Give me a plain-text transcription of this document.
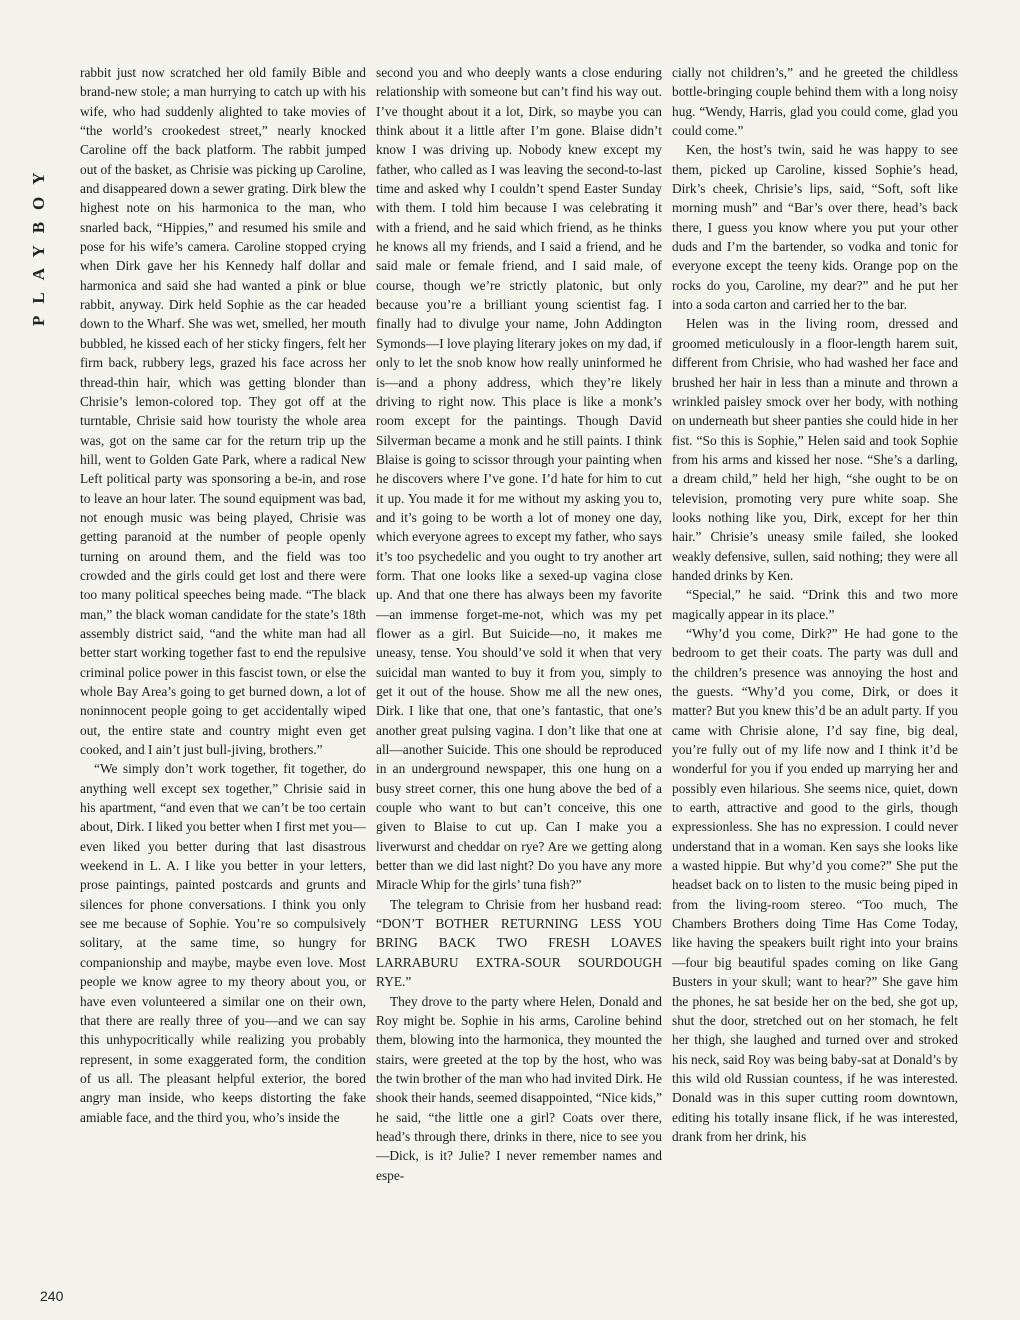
PLAYBOY

rabbit just now scratched her old family Bible and brand-new stole; a man hurrying to catch up with his wife, who had suddenly alighted to take movies of “the world’s crookedest street,” nearly knocked Caroline off the back platform. The rabbit jumped out of the basket, as Chrisie was picking up Caroline, and disappeared down a sewer grating. Dirk blew the highest note on his harmonica to the man, who snarled back, “Hippies,” and resumed his smile and pose for his wife’s camera. Caroline stopped crying when Dirk gave her his Kennedy half dollar and harmonica and said she had wanted a pink or blue rabbit, anyway. Dirk held Sophie as the car headed down to the Wharf. She was wet, smelled, her mouth bubbled, he kissed each of her sticky fingers, felt her firm back, rubbery legs, grazed his face across her thread-thin hair, which was getting blonder than Chrisie’s lemon-colored top. They got off at the turntable, Chrisie said how touristy the whole area was, got on the same car for the return trip up the hill, went to Golden Gate Park, where a radical New Left political party was sponsoring a be-in, and rose to leave an hour later. The sound equipment was bad, not enough music was being played, Chrisie was getting paranoid at the number of people openly turning on around them, and the field was too crowded and the girls could get lost and there were too many political speeches being made. “The black man,” the black woman candidate for the state’s 18th assembly district said, “and the white man had all better start working together fast to end the repulsive criminal police power in this fascist town, or else the whole Bay Area’s going to get burned down, a lot of noninnocent people going to get accidentally wiped out, the entire state and country might even get cooked, and I ain’t just bull-jiving, brothers.”

“We simply don’t work together, fit together, do anything well except sex together,” Chrisie said in his apartment, “and even that we can’t be too certain about, Dirk. I liked you better when I first met you—even liked you better during that last disastrous weekend in L. A. I like you better in your letters, prose paintings, painted postcards and grunts and silences for phone conversations. I think you only see me because of Sophie. You’re so compulsively solitary, at the same time, so hungry for companionship and maybe, maybe even love. Most people we know agree to my theory about you, or have even volunteered a similar one on their own, that there are really three of you—and we can say this unhypocritically while realizing you probably represent, in some exaggerated form, the condition of us all. The pleasant helpful exterior, the bored angry man inside, who keeps distorting the fake amiable face, and the third you, who’s inside the

second you and who deeply wants a close enduring relationship with someone but can’t find his way out. I’ve thought about it a lot, Dirk, so maybe you can think about it a little after I’m gone. Blaise didn’t know I was driving up. Nobody knew except my father, who called as I was leaving the second-to-last time and asked why I couldn’t spend Easter Sunday with them. I told him because I was celebrating it with a friend, and he said which friend, as he thinks he knows all my friends, and I said a friend, and he said male or female friend, and I said male, of course, though we’re strictly platonic, but only because you’re a brilliant young scientist fag. I finally had to divulge your name, John Addington Symonds—I love playing literary jokes on my dad, if only to let the snob know how really uninformed he is—and a phony address, which they’re likely driving to right now. This place is like a monk’s room except for the paintings. Though David Silverman became a monk and he still paints. I think Blaise is going to scissor through your painting when he discovers where I’ve gone. I’d hate for him to cut it up. You made it for me without my asking you to, and it’s going to be worth a lot of money one day, which everyone agrees to except my father, who says it’s too psychedelic and you ought to try another art form. That one looks like a sexed-up vagina close up. And that one there has always been my favorite—an immense forget-me-not, which was my pet flower as a girl. But Suicide—no, it makes me uneasy, tense. You should’ve sold it when that very suicidal man wanted to buy it from you, simply to get it out of the house. Show me all the new ones, Dirk. I like that one, that one’s fantastic, that one’s another great pulsing vagina. I don’t like that one at all—another Suicide. This one should be reproduced in an underground newspaper, this one hung on a busy street corner, this one hung above the bed of a couple who want to but can’t conceive, this one given to Blaise to cut up. Can I make you a liverwurst and cheddar on rye? Are we getting along better than we did last night? Do you have any more Miracle Whip for the girls’ tuna fish?”

The telegram to Chrisie from her husband read: “DON’T BOTHER RETURNING LESS YOU BRING BACK TWO FRESH LOAVES LARRABURU EXTRA-SOUR SOURDOUGH RYE.”

They drove to the party where Helen, Donald and Roy might be. Sophie in his arms, Caroline behind them, blowing into the harmonica, they mounted the stairs, were greeted at the top by the host, who was the twin brother of the man who had invited Dirk. He shook their hands, seemed disappointed, “Nice kids,” he said, “the little one a girl? Coats over there, head’s through there, drinks in there, nice to see you—Dick, is it? Julie? I never remember names and espe-

cially not children’s,” and he greeted the childless bottle-bringing couple behind them with a long noisy hug. “Wendy, Harris, glad you could come, glad you could come.”

Ken, the host’s twin, said he was happy to see them, picked up Caroline, kissed Sophie’s head, Dirk’s cheek, Chrisie’s lips, said, “Soft, soft like morning mush” and “Bar’s over there, head’s back there, I guess you know where you put your other duds and I’m the bartender, so vodka and tonic for everyone except the teeny kids. Orange pop on the rocks do you, Caroline, my dear?” and he put her into a soda carton and carried her to the bar.

Helen was in the living room, dressed and groomed meticulously in a floor-length harem suit, different from Chrisie, who had washed her face and brushed her hair in less than a minute and thrown a wrinkled paisley smock over her body, with nothing on underneath but sheer panties she could hide in her fist. “So this is Sophie,” Helen said and took Sophie from his arms and kissed her nose. “She’s a darling, a dream child,” held her high, “she ought to be on television, promoting very pure white soap. She looks nothing like you, Dirk, except for her thin hair.” Chrisie’s uneasy smile failed, she looked weakly defensive, sullen, said nothing; they were all handed drinks by Ken.

“Special,” he said. “Drink this and two more magically appear in its place.”

“Why’d you come, Dirk?” He had gone to the bedroom to get their coats. The party was dull and the children’s presence was annoying the host and the guests. “Why’d you come, Dirk, or does it matter? But you knew this’d be an adult party. If you came with Chrisie alone, I’d say fine, big deal, you’re fully out of my life now and I think it’d be wonderful for you if you ended up marrying her and possibly even hilarious. She seems nice, quiet, down to earth, attractive and good to the girls, though expressionless. She has no expression. I could never understand that in a woman. Ken says she looks like a wasted hippie. But why’d you come?” She put the headset back on to listen to the music being piped in from the living-room stereo. “Too much, The Chambers Brothers doing Time Has Come Today, like having the speakers built right into your brains—four big beautiful spades coming on like Gang Busters in your skull; want to hear?” She gave him the phones, he sat beside her on the bed, she got up, shut the door, stretched out on her stomach, he felt her thigh, she laughed and turned over and stroked his neck, said Roy was being baby-sat at Donald’s by this wild old Russian countess, if he was interested. Donald was in this super cutting room downtown, editing his totally insane flick, if he was interested, drank from her drink, his

240
